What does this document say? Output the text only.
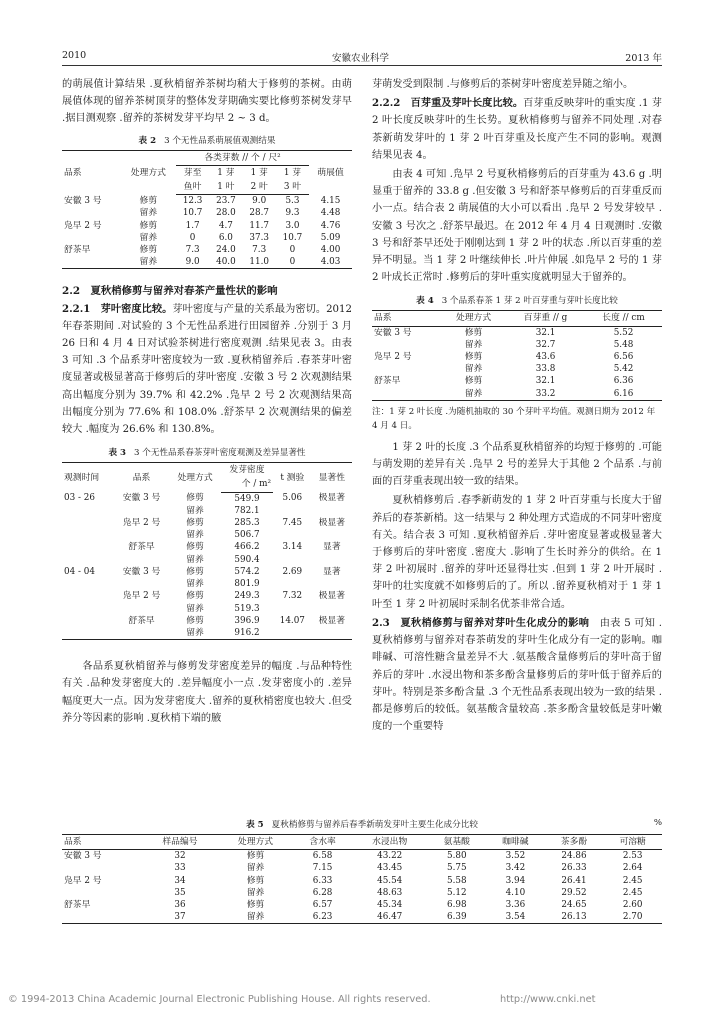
2010	安徽农业科学	2013 年

的萌展值计算结果 .夏秋梢留养茶树均稍大于修剪的茶树。由萌展值体现的留养茶树顶芽的整体发芽期确实要比修剪茶树发芽早 .据目测观察 .留养的茶树发芽平均早 2 ~ 3 d。

表 2 3 个无性品系萌展值观测结果
品系	处理方式	各类芽数 // 个 / 尺²				萌展值
		芽至	1 芽	1 芽	1 芽	
		鱼叶	1 叶	2 叶	3 叶	
安徽 3 号	修剪	12.3	23.7	9.0	5.3	4.15
	留养	10.7	28.0	28.7	9.3	4.48
凫早 2 号	修剪	1.7	4.7	11.7	3.0	4.76
	留养	0	6.0	37.3	10.7	5.09
舒茶早	修剪	7.3	24.0	7.3	0	4.00
	留养	9.0	40.0	11.0	0	4.03

2.2　夏秋梢修剪与留养对春茶产量性状的影响

2.2.1　芽叶密度比较。芽叶密度与产量的关系最为密切。2012 年春茶期间 .对试验的 3 个无性品系进行田园留养 .分别于 3 月 26 日和 4 月 4 日对试验茶树进行密度观测 .结果见表 3。由表 3 可知 .3 个品系芽叶密度较为一致 .夏秋梢留养后 .春茶芽叶密度显著或极显著高于修剪后的芽叶密度 .安徽 3 号 2 次观测结果高出幅度分别为 39.7% 和 42.2% .凫早 2 号 2 次观测结果高出幅度分别为 77.6% 和 108.0% .舒茶早 2 次观测结果的偏差较大 .幅度为 26.6% 和 130.8%。

表 3 3 个无性品系春茶芽叶密度观测及差异显著性
观测时间	品系	处理方式	发芽密度	t 测验	显著性
			个 / m²		
03 - 26	安徽 3 号	修剪	549.9	5.06	极显著
		留养	782.1		
	凫早 2 号	修剪	285.3	7.45	极显著
		留养	506.7		
	舒茶早	修剪	466.2	3.14	显著
		留养	590.4		
04 - 04	安徽 3 号	修剪	574.2	2.69	显著
		留养	801.9		
	凫早 2 号	修剪	249.3	7.32	极显著
		留养	519.3		
	舒茶早	修剪	396.9	14.07	极显著
		留养	916.2		

各品系夏秋梢留养与修剪发芽密度差异的幅度 .与品种特性有关 .品种发芽密度大的 .差异幅度小一点 .发芽密度小的 .差异幅度更大一点。因为发芽密度大 .留养的夏秋梢密度也较大 .但受养分等因素的影响 .夏秋梢下端的腋

芽萌发受到限制 .与修剪后的茶树芽叶密度差异随之缩小。

2.2.2　百芽重及芽叶长度比较。百芽重反映芽叶的重实度 .1 芽 2 叶长度反映芽叶的生长势。夏秋梢修剪与留养不同处理 .对春茶新萌发芽叶的 1 芽 2 叶百芽重及长度产生不同的影响。观测结果见表 4。

由表 4 可知 .凫早 2 号夏秋梢修剪后的百芽重为 43.6 g .明显重于留养的 33.8 g .但安徽 3 号和舒茶早修剪后的百芽重反而小一点。结合表 2 萌展值的大小可以看出 .凫早 2 号发芽较早 .安徽 3 号次之 .舒茶早最迟。在 2012 年 4 月 4 日观测时 .安徽 3 号和舒茶早还处于刚刚达到 1 芽 2 叶的状态 .所以百芽重的差异不明显。当 1 芽 2 叶继续伸长 .叶片伸展 .如凫早 2 号的 1 芽 2 叶成长正常时 .修剪后的芽叶重实度就明显大于留养的。

表 4 3 个品系春茶 1 芽 2 叶百芽重与芽叶长度比较
品系	处理方式	百芽重 // g	长度 // cm
安徽 3 号	修剪	32.1	5.52
	留养	32.7	5.48
凫早 2 号	修剪	43.6	6.56
	留养	33.8	5.42
舒茶早	修剪	32.1	6.36
	留养	33.2	6.16

注：1 芽 2 叶长度 .为随机抽取的 30 个芽叶平均值。观测日期为 2012 年 4 月 4 日。

1 芽 2 叶的长度 .3 个品系夏秋梢留养的均短于修剪的 .可能与萌发期的差异有关 .凫早 2 号的差异大于其他 2 个品系 .与前面的百芽重表现出较一致的结果。

夏秋梢修剪后 .春季新萌发的 1 芽 2 叶百芽重与长度大于留养后的春茶新梢。这一结果与 2 种处理方式造成的不同芽叶密度有关。结合表 3 可知 .夏秋梢留养后 .芽叶密度显著或极显著大于修剪后的芽叶密度 .密度大 .影响了生长时养分的供给。在 1 芽 2 叶初展时 .留养的芽叶还显得壮实 .但到 1 芽 2 叶开展时 .芽叶的壮实度就不如修剪后的了。所以 .留养夏秋梢对于 1 芽 1 叶至 1 芽 2 叶初展时采制名优茶非常合适。

2.3　夏秋梢修剪与留养对芽叶生化成分的影响　 由表 5 可知 .夏秋梢修剪与留养对春茶萌发的芽叶生化成分有一定的影响。咖啡碱、可溶性糖含量差异不大 .氨基酸含量修剪后的芽叶高于留养后的芽叶 .水浸出物和茶多酚含量修剪后的芽叶低于留养后的芽叶。特别是茶多酚含量 .3 个无性品系表现出较为一致的结果 .都是修剪后的较低。氨基酸含量较高 .茶多酚含量较低是芽叶嫩度的一个重要特

表 5 夏秋梢修剪与留养后春季新萌发芽叶主要生化成分比较	%
品系	样品编号	处理方式	含水率	水浸出物	氨基酸	咖啡碱	茶多酚	可溶糖
安徽 3 号	32	修剪	6.58	43.22	5.80	3.52	24.86	2.53
	33	留养	7.15	43.45	5.75	3.42	26.33	2.64
凫早 2 号	34	修剪	6.33	45.54	5.58	3.94	26.41	2.45
	35	留养	6.28	48.63	5.12	4.10	29.52	2.45
舒茶早	36	修剪	6.57	45.34	6.98	3.36	24.65	2.60
	37	留养	6.23	46.47	6.39	3.54	26.13	2.70
© 1994-2013 China Academic Journal Electronic Publishing House. All rights reserved.	http://www.cnki.net
